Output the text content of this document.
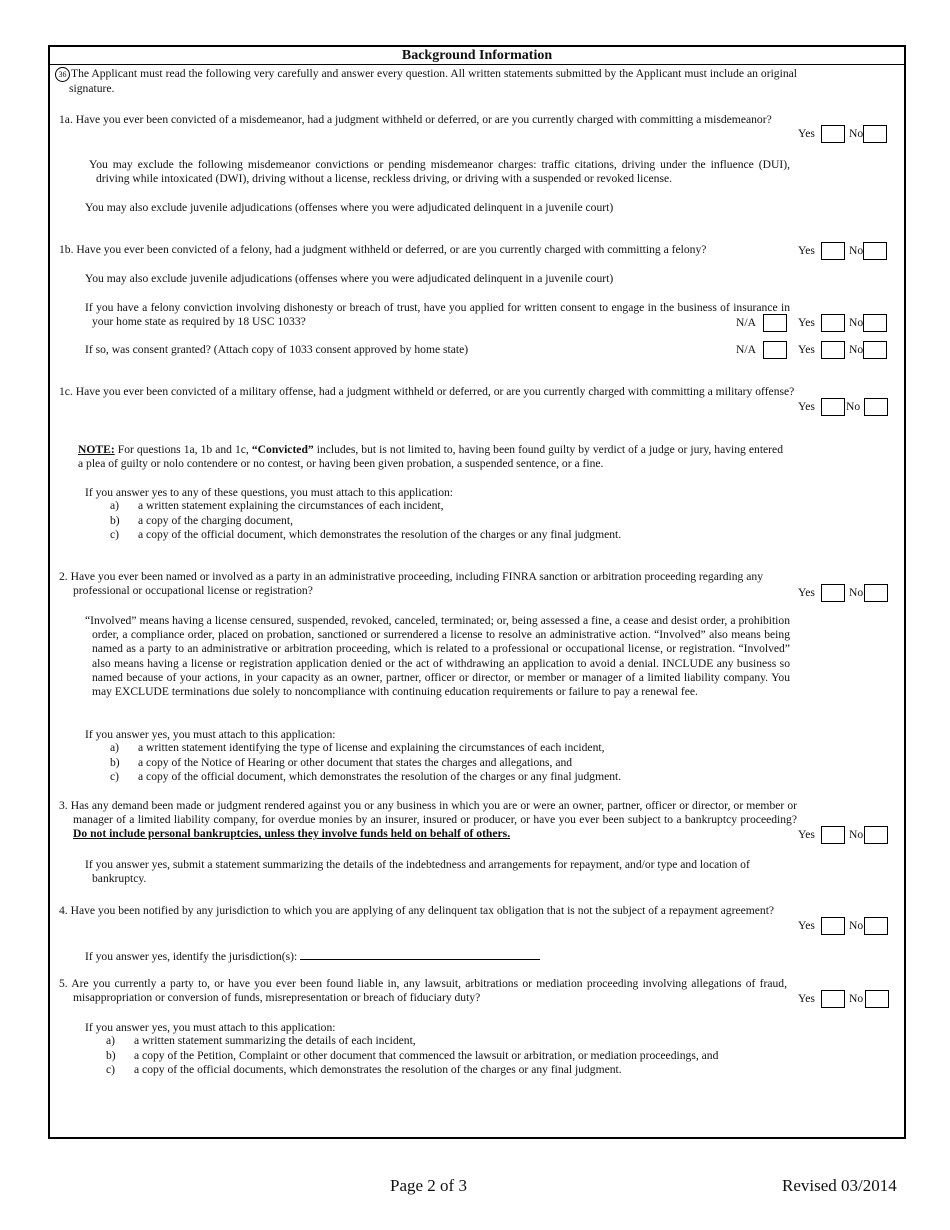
Background Information
36 The Applicant must read the following very carefully and answer every question. All written statements submitted by the Applicant must include an original signature.
1a. Have you ever been convicted of a misdemeanor, had a judgment withheld or deferred, or are you currently charged with committing a misdemeanor?
Yes	No
You may exclude the following misdemeanor convictions or pending misdemeanor charges: traffic citations, driving under the influence (DUI), driving while intoxicated (DWI), driving without a license, reckless driving, or driving with a suspended or revoked license.
You may also exclude juvenile adjudications (offenses where you were adjudicated delinquent in a juvenile court)
1b. Have you ever been convicted of a felony, had a judgment withheld or deferred, or are you currently charged with committing a felony?	Yes	No
You may also exclude juvenile adjudications (offenses where you were adjudicated delinquent in a juvenile court)
If you have a felony conviction involving dishonesty or breach of trust, have you applied for written consent to engage in the business of insurance in your home state as required by 18 USC 1033?	N/A	Yes	No
If so, was consent granted? (Attach copy of 1033 consent approved by home state)	N/A	Yes	No
1c. Have you ever been convicted of a military offense, had a judgment withheld or deferred, or are you currently charged with committing a military offense?
Yes	No
NOTE: For questions 1a, 1b and 1c, “Convicted” includes, but is not limited to, having been found guilty by verdict of a judge or jury, having entered a plea of guilty or nolo contendere or no contest, or having been given probation, a suspended sentence, or a fine.
If you answer yes to any of these questions, you must attach to this application:
a)	a written statement explaining the circumstances of each incident,
b)	a copy of the charging document,
c)	a copy of the official document, which demonstrates the resolution of the charges or any final judgment.
2. Have you ever been named or involved as a party in an administrative proceeding, including FINRA sanction or arbitration proceeding regarding any professional or occupational license or registration?	Yes	No
“Involved” means having a license censured, suspended, revoked, canceled, terminated; or, being assessed a fine, a cease and desist order, a prohibition order, a compliance order, placed on probation, sanctioned or surrendered a license to resolve an administrative action. “Involved” also means being named as a party to an administrative or arbitration proceeding, which is related to a professional or occupational license, or registration. “Involved” also means having a license or registration application denied or the act of withdrawing an application to avoid a denial. INCLUDE any business so named because of your actions, in your capacity as an owner, partner, officer or director, or member or manager of a limited liability company. You may EXCLUDE terminations due solely to noncompliance with continuing education requirements or failure to pay a renewal fee.
If you answer yes, you must attach to this application:
a)	a written statement identifying the type of license and explaining the circumstances of each incident,
b)	a copy of the Notice of Hearing or other document that states the charges and allegations, and
c)	a copy of the official document, which demonstrates the resolution of the charges or any final judgment.
3. Has any demand been made or judgment rendered against you or any business in which you are or were an owner, partner, officer or director, or member or manager of a limited liability company, for overdue monies by an insurer, insured or producer, or have you ever been subject to a bankruptcy proceeding? Do not include personal bankruptcies, unless they involve funds held on behalf of others.	Yes	No
If you answer yes, submit a statement summarizing the details of the indebtedness and arrangements for repayment, and/or type and location of bankruptcy.
4. Have you been notified by any jurisdiction to which you are applying of any delinquent tax obligation that is not the subject of a repayment agreement?
Yes	No
If you answer yes, identify the jurisdiction(s):
5. Are you currently a party to, or have you ever been found liable in, any lawsuit, arbitrations or mediation proceeding involving allegations of fraud, misappropriation or conversion of funds, misrepresentation or breach of fiduciary duty?	Yes	No
If you answer yes, you must attach to this application:
a)	a written statement summarizing the details of each incident,
b)	a copy of the Petition, Complaint or other document that commenced the lawsuit or arbitration, or mediation proceedings, and
c)	a copy of the official documents, which demonstrates the resolution of the charges or any final judgment.
Page 2 of 3	Revised 03/2014
